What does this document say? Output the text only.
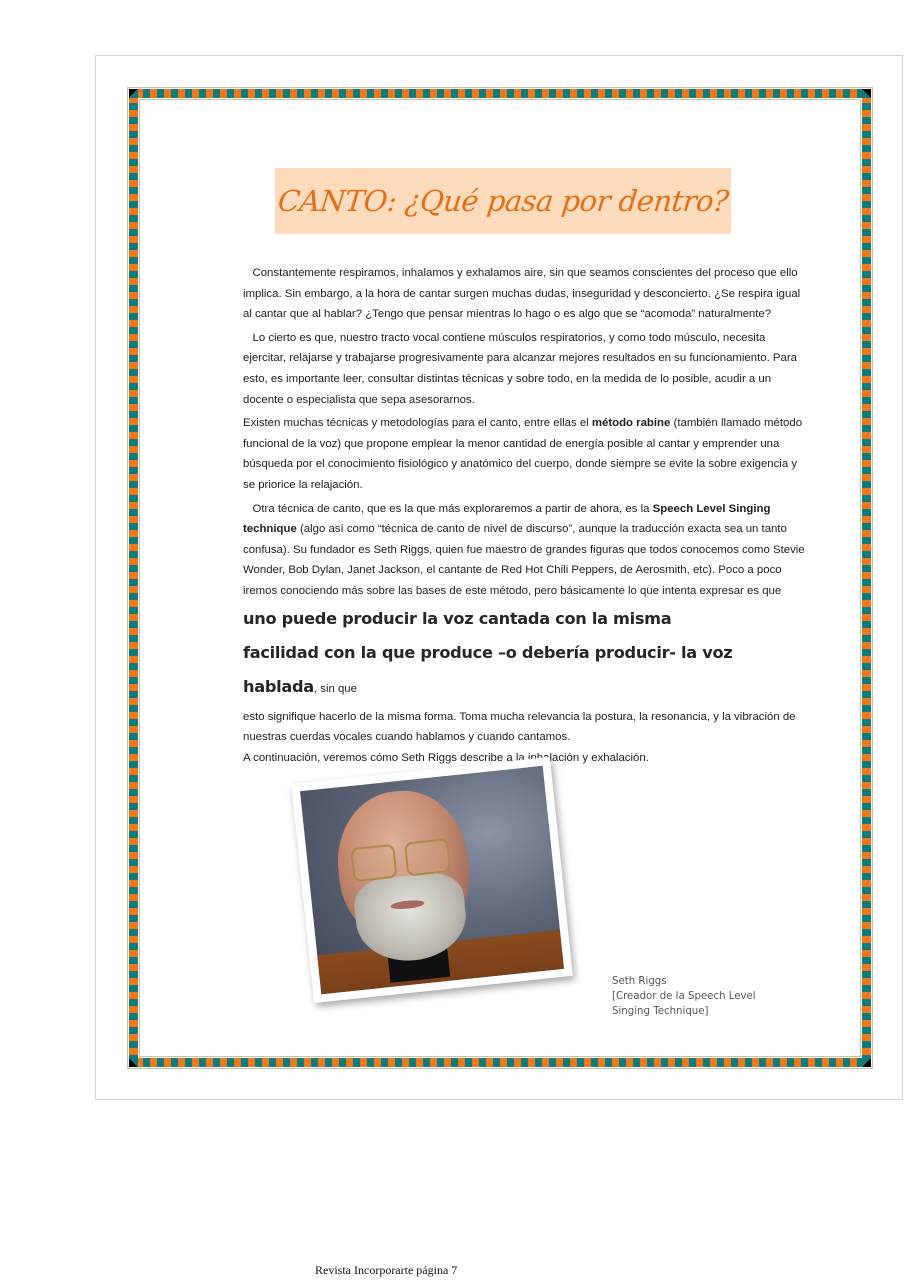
CANTO: ¿Qué pasa por dentro?

Constantemente respiramos, inhalamos y exhalamos aire, sin que seamos conscientes del proceso que ello implica. Sin embargo, a la hora de cantar surgen muchas dudas, inseguridad y desconcierto. ¿Se respira igual al cantar que al hablar? ¿Tengo que pensar mientras lo hago o es algo que se “acomoda” naturalmente?

Lo cierto es que, nuestro tracto vocal contiene músculos respiratorios, y como todo músculo, necesita ejercitar, relajarse y trabajarse progresivamente para alcanzar mejores resultados en su funcionamiento. Para esto, es importante leer, consultar distintas técnicas y sobre todo, en la medida de lo posible, acudir a un docente o especialista que sepa asesorarnos.

Existen muchas técnicas y metodologías para el canto, entre ellas el método rabine (también llamado método funcional de la voz) que propone emplear la menor cantidad de energía posible al cantar y emprender una búsqueda por el conocimiento fisiológico y anatómico del cuerpo, donde siempre se evite la sobre exigencia y se priorice la relajación.

Otra técnica de canto, que es la que más exploraremos a partir de ahora, es la Speech Level Singing technique (algo así como “técnica de canto de nivel de discurso”, aunque la traducción exacta sea un tanto confusa). Su fundador es Seth Riggs, quien fue maestro de grandes figuras que todos conocemos como Stevie Wonder, Bob Dylan, Janet Jackson, el cantante de Red Hot Chili Peppers, de Aerosmith, etc). Poco a poco iremos conociendo más sobre las bases de este método, pero básicamente lo que intenta expresar es que uno puede producir la voz cantada con la misma
facilidad con la que produce –o debería producir- la voz hablada, sin que

esto signifique hacerlo de la misma forma. Toma mucha relevancia la postura, la resonancia, y la vibración de nuestras cuerdas vocales cuando hablamos y cuando cantamos.

A continuación, veremos cómo Seth Riggs describe a la inhalación y exhalación.

Seth Riggs
[Creador de la Speech Level
Singing Technique]
Revista Incorporarte página 7
